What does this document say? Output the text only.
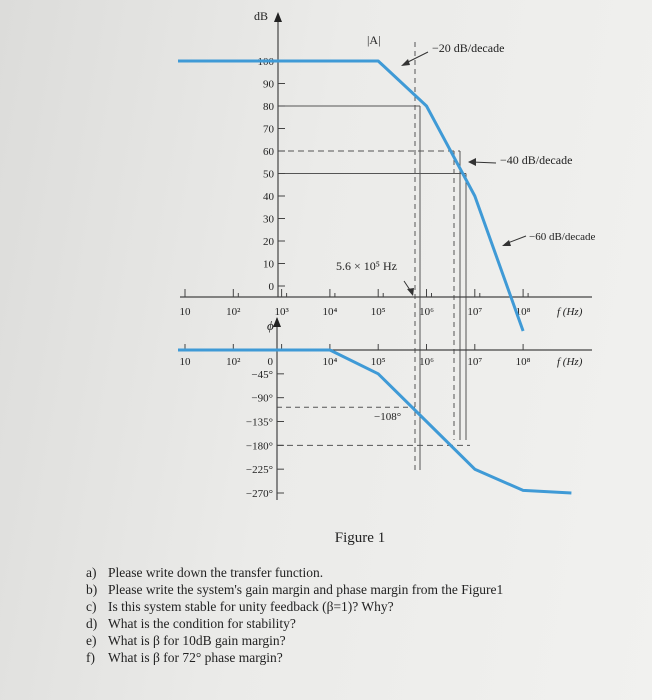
dB
0
10
20
30
40
50
60
70
80
90
100
10	10²	10³	10⁴	10⁵	10⁶	10⁷	10⁸ f (Hz)
ϕ
0
−45°
−90°
−135°
−180°
−225°
−270°
10	10²	10⁴	10⁵	10⁶	10⁷	10⁸ f (Hz)
|A|
−20 dB/decade
−40 dB/decade
−60 dB/decade
5.6 × 10⁵ Hz
−108°
Figure 1
a) Please write down the transfer function.
b) Please write the system's gain margin and phase margin from the Figure1
c) Is this system stable for unity feedback (β=1)? Why?
d) What is the condition for stability?
e) What is β for 10dB gain margin?
f) What is β for 72° phase margin?
